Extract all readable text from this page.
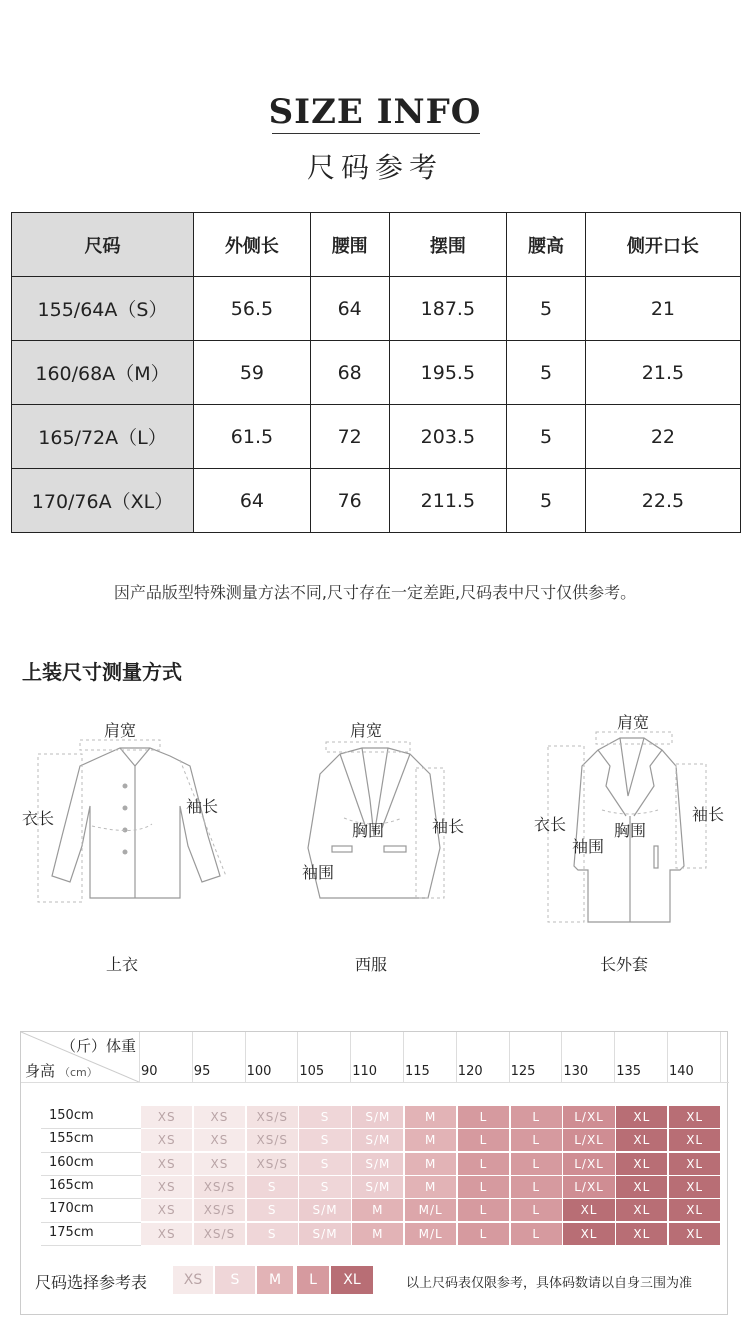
SIZE INFO
尺码参考
尺码	外侧长	腰围	摆围	腰高	侧开口长
155/64A（S）	56.5	64	187.5	5	21
160/68A（M）	59	68	195.5	5	21.5
165/72A（L）	61.5	72	203.5	5	22
170/76A（XL）	64	76	211.5	5	22.5
因产品版型特殊测量方法不同,尺寸存在一定差距,尺码表中尺寸仅供参考。
上装尺寸测量方式
肩宽
衣长
袖长
上衣
肩宽
胸围	袖长
袖围
西服
肩宽
衣长	胸围
袖围
袖长
长外套
（斤）体重
身高 （cm）	90	95	100 105 110 115 120 125 130 135 140
150cm	XS	XS	XS/S	S	S/M	M	L	L	L/XL	XL	XL
155cm	XS	XS	XS/S	S	S/M	M	L	L	L/XL	XL	XL
160cm	XS	XS	XS/S	S	S/M	M	L	L	L/XL	XL	XL
165cm	XS	XS/S	S	S	S/M	M	L	L	L/XL	XL	XL
170cm	XS	XS/S	S	S/M	M	M/L	L	L	XL	XL	XL
175cm	XS	XS/S	S	S/M	M	M/L	L	L	XL	XL	XL
尺码选择参考表	XS	S	M	L	XL	以上尺码表仅限参考，具体码数请以自身三围为准
